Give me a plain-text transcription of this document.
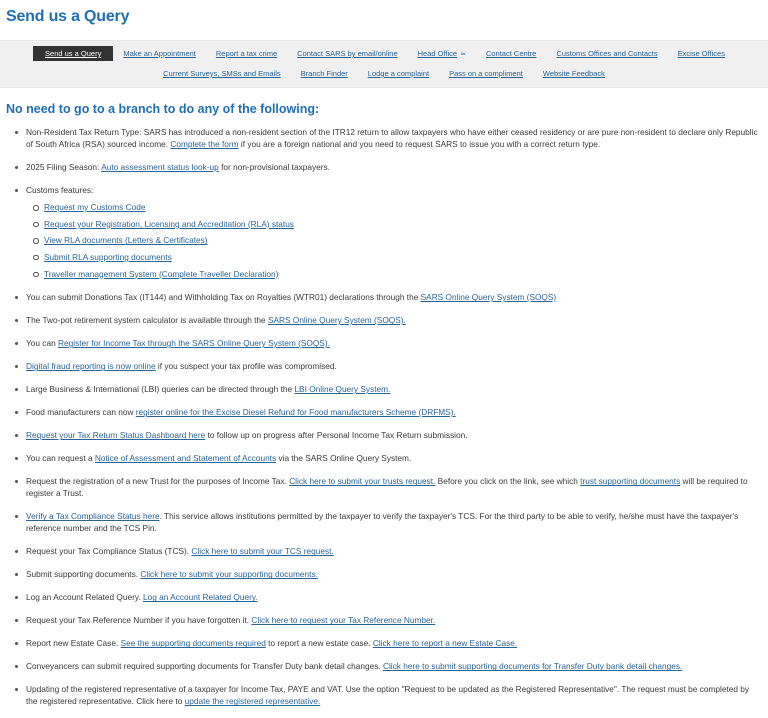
Send us a Query
Send us a Query	Make an Appointment	Report a tax crime	Contact SARS by email/online	Head Office ≃	Contact Centre	Customs Offices and Contacts	Excise Offices
Current Surveys, SMSs and Emails	Branch Finder	Lodge a complaint	Pass on a compliment	Website Feedback
No need to go to a branch to do any of the following:
Non-Resident Tax Return Type: SARS has introduced a non-resident section of the ITR12 return to allow taxpayers who have either ceased residency or are pure non-resident to declare only Republic of South Africa (RSA) sourced income. Complete the form if you are a foreign national and you need to request SARS to issue you with a correct return type.
2025 Filing Season: Auto assessment status look-up for non-provisional taxpayers.
Customs features:
Request my Customs Code
Request your Registration, Licensing and Accreditation (RLA) status
View RLA documents (Letters & Certificates)
Submit RLA supporting documents
Traveller management System (Complete Traveller Declaration)
You can submit Donations Tax (IT144) and Withholding Tax on Royalties (WTR01) declarations through the SARS Online Query System (SOQS)
The Two-pot retirement system calculator is available through the SARS Online Query System (SOQS).
You can Register for Income Tax through the SARS Online Query System (SOQS).
Digital fraud reporting is now online if you suspect your tax profile was compromised.
Large Business & International (LBI) queries can be directed through the LBI Online Query System.
Food manufacturers can now register online for the Excise Diesel Refund for Food manufacturers Scheme (DRFMS).
Request your Tax Return Status Dashboard here to follow up on progress after Personal Income Tax Return submission.
You can request a Notice of Assessment and Statement of Accounts via the SARS Online Query System.
Request the registration of a new Trust for the purposes of Income Tax. Click here to submit your trusts request. Before you click on the link, see which trust supporting documents will be required to register a Trust.
Verify a Tax Compliance Status here. This service allows institutions permitted by the taxpayer to verify the taxpayer's TCS. For the third party to be able to verify, he/she must have the taxpayer's reference number and the TCS Pin.
Request your Tax Compliance Status (TCS). Click here to submit your TCS request.
Submit supporting documents. Click here to submit your supporting documents.
Log an Account Related Query. Log an Account Related Query.
Request your Tax Reference Number if you have forgotten it. Click here to request your Tax Reference Number.
Report new Estate Case. See the supporting documents required to report a new estate case. Click here to report a new Estate Case.
Conveyancers can submit required supporting documents for Transfer Duty bank detail changes. Click here to submit supporting documents for Transfer Duty bank detail changes.
Updating of the registered representative of a taxpayer for Income Tax, PAYE and VAT. Use the option "Request to be updated as the Registered Representative". The request must be completed by the registered representative. Click here to update the registered representative.
